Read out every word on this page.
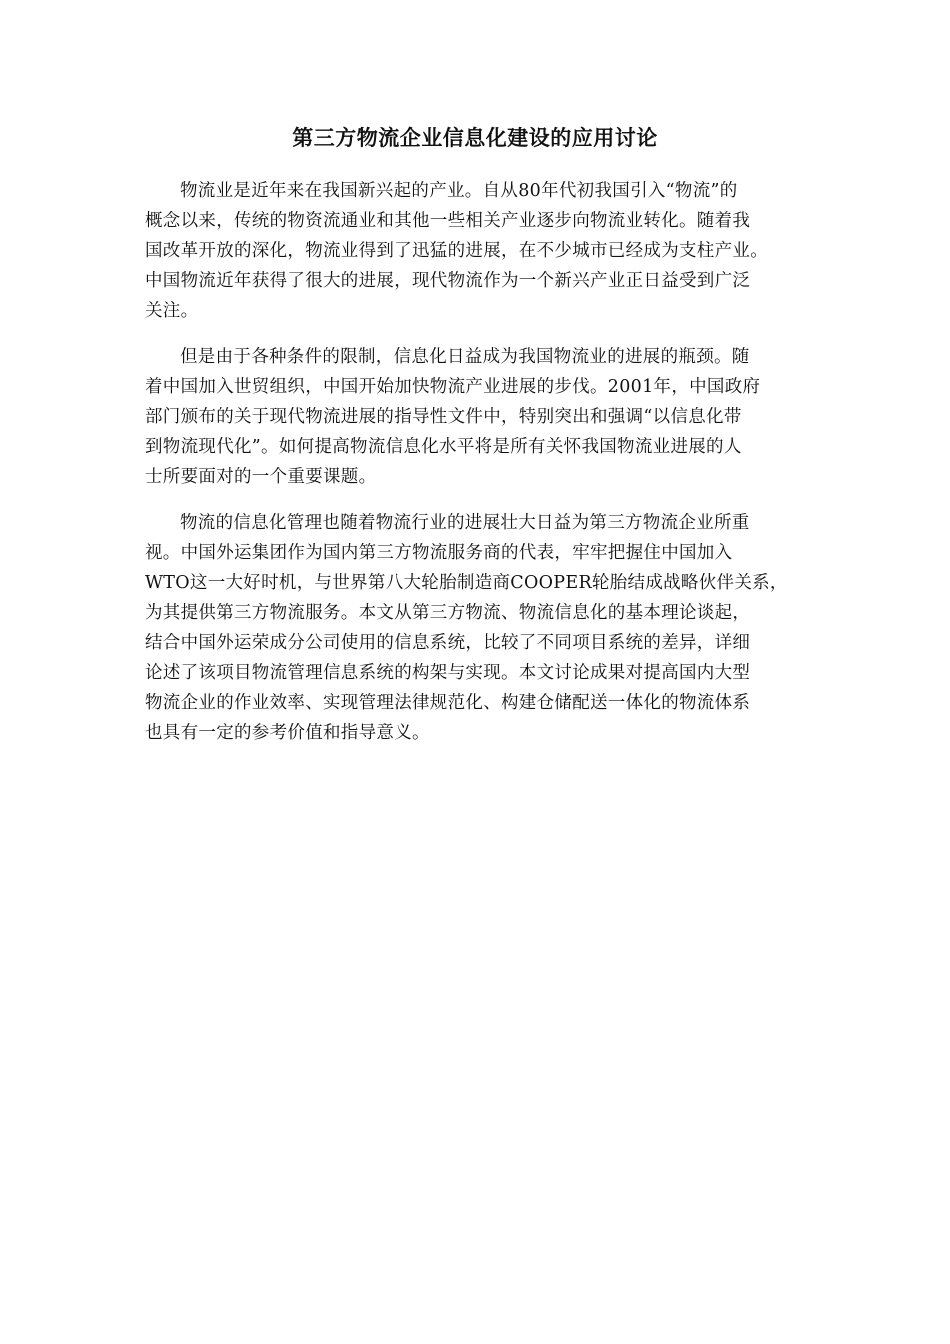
第三方物流企业信息化建设的应用讨论

物流业是近年来在我国新兴起的产业。自从80年代初我国引入“物流”的
概念以来，传统的物资流通业和其他一些相关产业逐步向物流业转化。随着我
国改革开放的深化，物流业得到了迅猛的进展，在不少城市已经成为支柱产业。
中国物流近年获得了很大的进展，现代物流作为一个新兴产业正日益受到广泛
关注。

但是由于各种条件的限制，信息化日益成为我国物流业的进展的瓶颈。随
着中国加入世贸组织，中国开始加快物流产业进展的步伐。2001年，中国政府
部门颁布的关于现代物流进展的指导性文件中，特别突出和强调“以信息化带
到物流现代化”。如何提高物流信息化水平将是所有关怀我国物流业进展的人
士所要面对的一个重要课题。

物流的信息化管理也随着物流行业的进展壮大日益为第三方物流企业所重
视。中国外运集团作为国内第三方物流服务商的代表，牢牢把握住中国加入
WTO这一大好时机，与世界第八大轮胎制造商COOPER轮胎结成战略伙伴关系，
为其提供第三方物流服务。本文从第三方物流、物流信息化的基本理论谈起，
结合中国外运荣成分公司使用的信息系统，比较了不同项目系统的差异，详细
论述了该项目物流管理信息系统的构架与实现。本文讨论成果对提高国内大型
物流企业的作业效率、实现管理法律规范化、构建仓储配送一体化的物流体系
也具有一定的参考价值和指导意义。
